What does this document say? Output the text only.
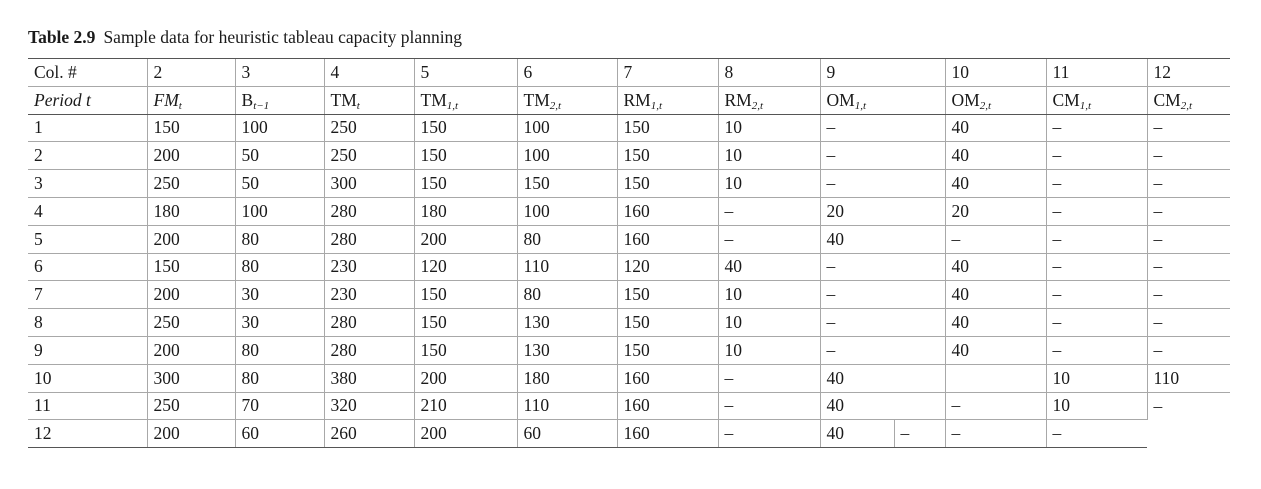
Table 2.9 Sample data for heuristic tableau capacity planning
Col. #	2	3	4	5	6	7	8	9		10	11	12
Period t	$FM_t$	$B_{t-1}$	$TM_t$	$TM_{1,t}$	$TM_{2,t}$	$RM_{1,t}$	$RM_{2,t}$	$OM_{1,t}$		$OM_{2,t}$	$CM_{1,t}$	$CM_{2,t}$
1	150	100	250	150	100	150	10	–		40	–	–
2	200	50	250	150	100	150	10	–		40	–	–
3	250	50	300	150	150	150	10	–		40	–	–
4	180	100	280	180	100	160	–	20		20	–	–
5	200	80	280	200	80	160	–	40		–	–	–
6	150	80	230	120	110	120	40	–		40	–	–
7	200	30	230	150	80	150	10	–		40	–	–
8	250	30	280	150	130	150	10	–		40	–	–
9	200	80	280	150	130	150	10	–		40	–	–
10	300	80	380	200	180	160	–	40			10	110
11	250	70	320	210	110	160	–	40		–	10	–
12	200	60	260	200	60	160	–	40	–	–	–	
